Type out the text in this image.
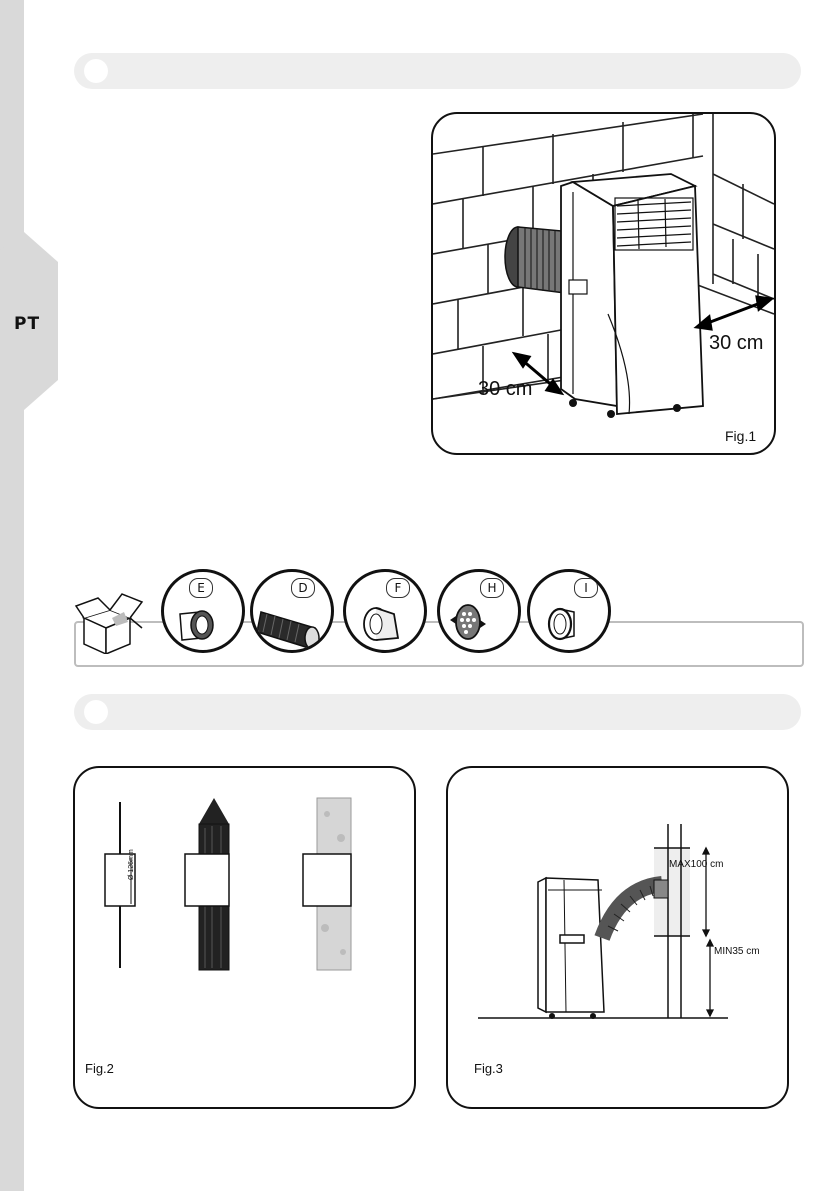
PT
30 cm
30 cm
Fig.1
E	D	F	H	I
Ø 126mm
Fig.2
MAX100 cm
MIN35 cm
Fig.3
